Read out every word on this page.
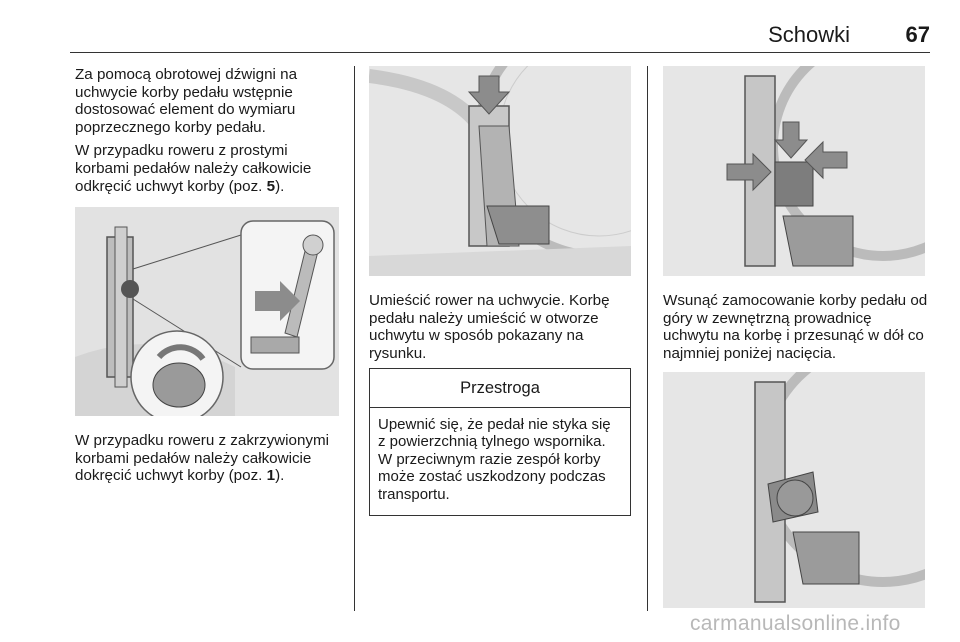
Schowki	67

Za pomocą obrotowej dźwigni na uchwycie korby pedału wstępnie dostosować element do wymiaru poprzecznego korby pedału.

W przypadku roweru z prostymi korbami pedałów należy całkowicie odkręcić uchwyt korby (poz. 5).

W przypadku roweru z zakrzywionymi korbami pedałów należy całkowicie dokręcić uchwyt korby (poz. 1).

Umieścić rower na uchwycie. Korbę pedału należy umieścić w otworze uchwytu w sposób pokazany na rysunku.

Przestroga
Upewnić się, że pedał nie styka się z powierzchnią tylnego wspornika. W przeciwnym razie zespół korby może zostać uszkodzony podczas transportu.

Wsunąć zamocowanie korby pedału od góry w zewnętrzną prowadnicę uchwytu na korbę i przesunąć w dół co najmniej poniżej nacięcia.

carmanualsonline.info
